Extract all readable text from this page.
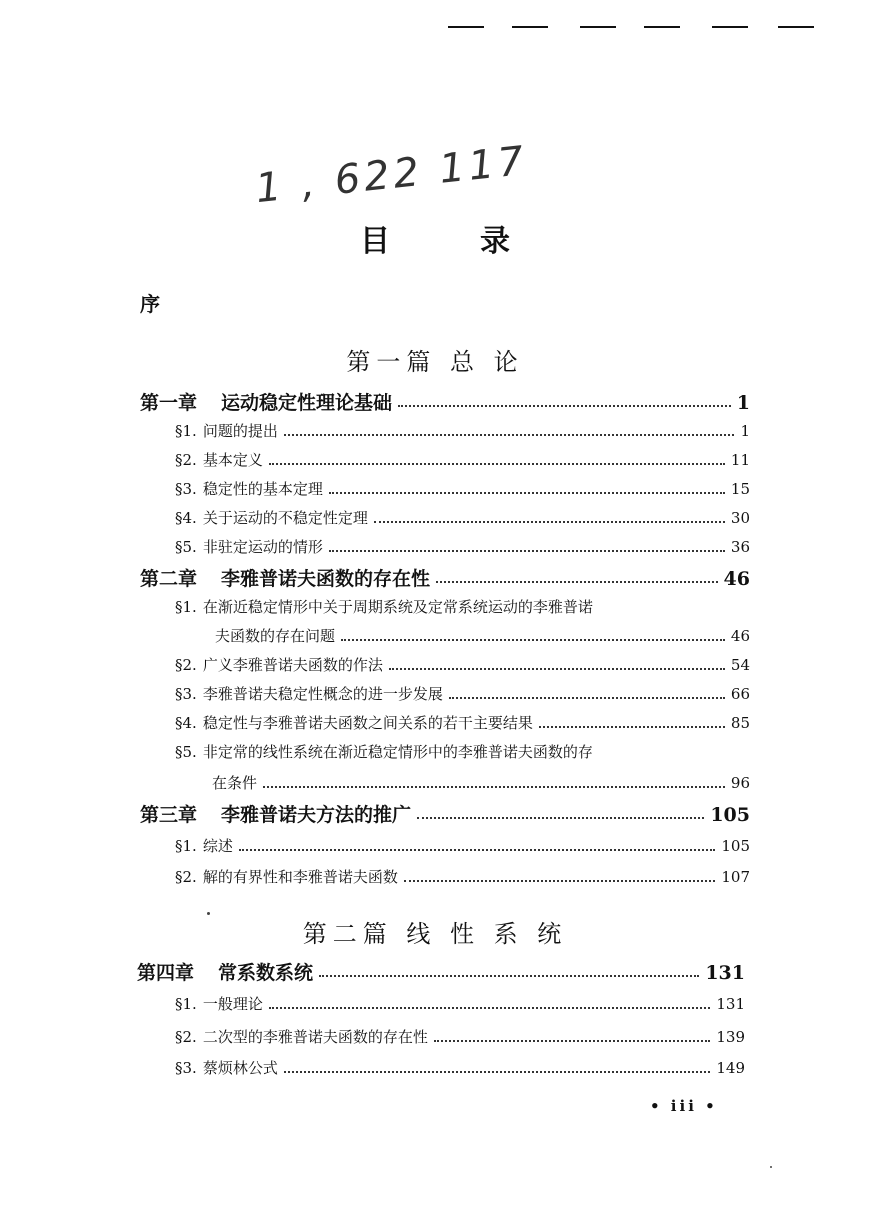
1 , 622 117
目录
序
第一篇 总 论
第一章 运动稳定性理论基础	1
§1. 问题的提出	1
§2. 基本定义	11
§3. 稳定性的基本定理	15
§4. 关于运动的不稳定性定理	30
§5. 非驻定运动的情形	36
第二章 李雅普诺夫函数的存在性	46
§1. 在渐近稳定情形中关于周期系统及定常系统运动的李雅普诺
夫函数的存在问题	46
§2. 广义李雅普诺夫函数的作法	54
§3. 李雅普诺夫稳定性概念的进一步发展	66
§4. 稳定性与李雅普诺夫函数之间关系的若干主要结果	85
§5. 非定常的线性系统在渐近稳定情形中的李雅普诺夫函数的存
在条件	96
第三章 李雅普诺夫方法的推广	105
§1. 综述	105
§2. 解的有界性和李雅普诺夫函数	107
第二篇 线 性 系 统
第四章 常系数系统	131
§1. 一般理论	131
§2. 二次型的李雅普诺夫函数的存在性	139
§3. 蔡烦林公式	149
• iii •
